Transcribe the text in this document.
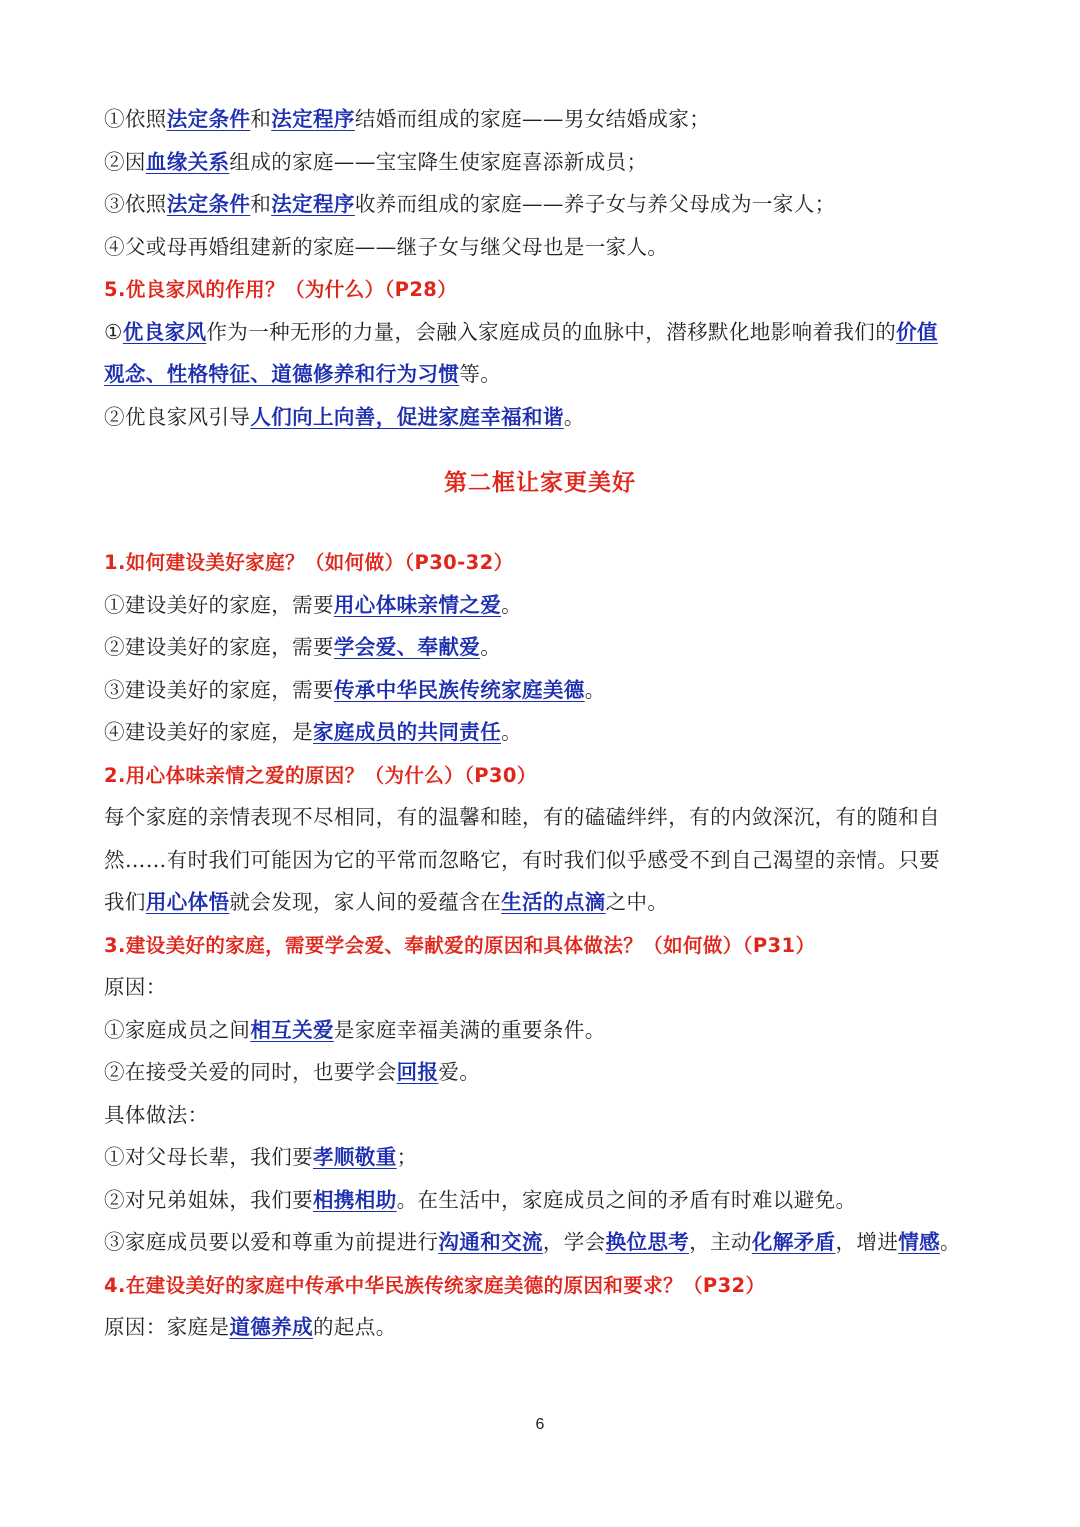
①依照法定条件和法定程序结婚而组成的家庭——男女结婚成家；
②因血缘关系组成的家庭——宝宝降生使家庭喜添新成员；
③依照法定条件和法定程序收养而组成的家庭——养子女与养父母成为一家人；
④父或母再婚组建新的家庭——继子女与继父母也是一家人。
5.优良家风的作用？（为什么）（P28）
①优良家风作为一种无形的力量，会融入家庭成员的血脉中，潜移默化地影响着我们的价值
观念、性格特征、道德修养和行为习惯等。
②优良家风引导人们向上向善，促进家庭幸福和谐。
第二框让家更美好
1.如何建设美好家庭？（如何做）（P30-32）
①建设美好的家庭，需要用心体味亲情之爱。
②建设美好的家庭，需要学会爱、奉献爱。
③建设美好的家庭，需要传承中华民族传统家庭美德。
④建设美好的家庭，是家庭成员的共同责任。
2.用心体味亲情之爱的原因？（为什么）（P30）
每个家庭的亲情表现不尽相同，有的温馨和睦，有的磕磕绊绊，有的内敛深沉，有的随和自
然……有时我们可能因为它的平常而忽略它，有时我们似乎感受不到自己渴望的亲情。只要
我们用心体悟就会发现，家人间的爱蕴含在生活的点滴之中。
3.建设美好的家庭，需要学会爱、奉献爱的原因和具体做法？（如何做）（P31）
原因：
①家庭成员之间相互关爱是家庭幸福美满的重要条件。
②在接受关爱的同时，也要学会回报爱。
具体做法：
①对父母长辈，我们要孝顺敬重；
②对兄弟姐妹，我们要相携相助。在生活中，家庭成员之间的矛盾有时难以避免。
③家庭成员要以爱和尊重为前提进行沟通和交流，学会换位思考，主动化解矛盾，增进情感。
4.在建设美好的家庭中传承中华民族传统家庭美德的原因和要求？（P32）
原因：家庭是道德养成的起点。
6
